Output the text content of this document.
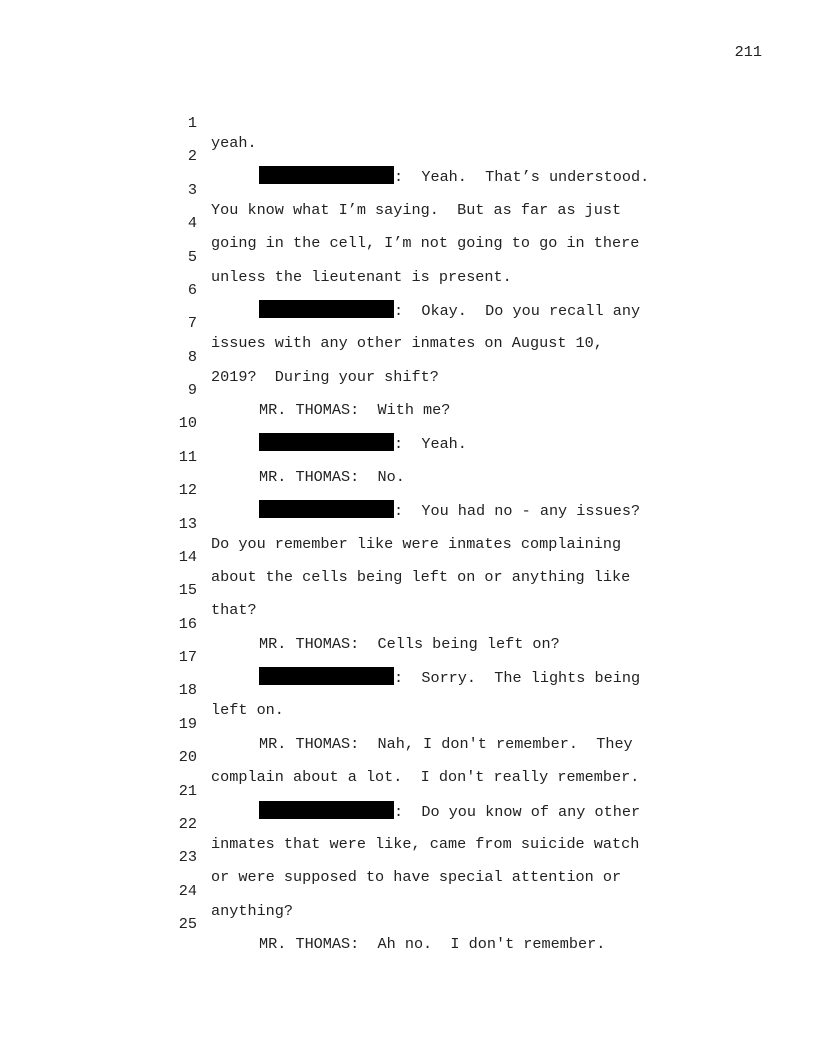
211

1

yeah.

2

:  Yeah.  That’s understood.

3

You know what I’m saying.  But as far as just

4

going in the cell, I’m not going to go in there

5

unless the lieutenant is present.

6

:  Okay.  Do you recall any

7

issues with any other inmates on August 10,

8

2019?  During your shift?

9

MR. THOMAS:  With me?

10

:  Yeah.

11

MR. THOMAS:  No.

12

:  You had no - any issues?

13

Do you remember like were inmates complaining

14

about the cells being left on or anything like

15

that?

16

MR. THOMAS:  Cells being left on?

17

:  Sorry.  The lights being

18

left on.

19

MR. THOMAS:  Nah, I don't remember.  They

20

complain about a lot.  I don't really remember.

21

:  Do you know of any other

22

inmates that were like, came from suicide watch

23

or were supposed to have special attention or

24

anything?

25

MR. THOMAS:  Ah no.  I don't remember.
